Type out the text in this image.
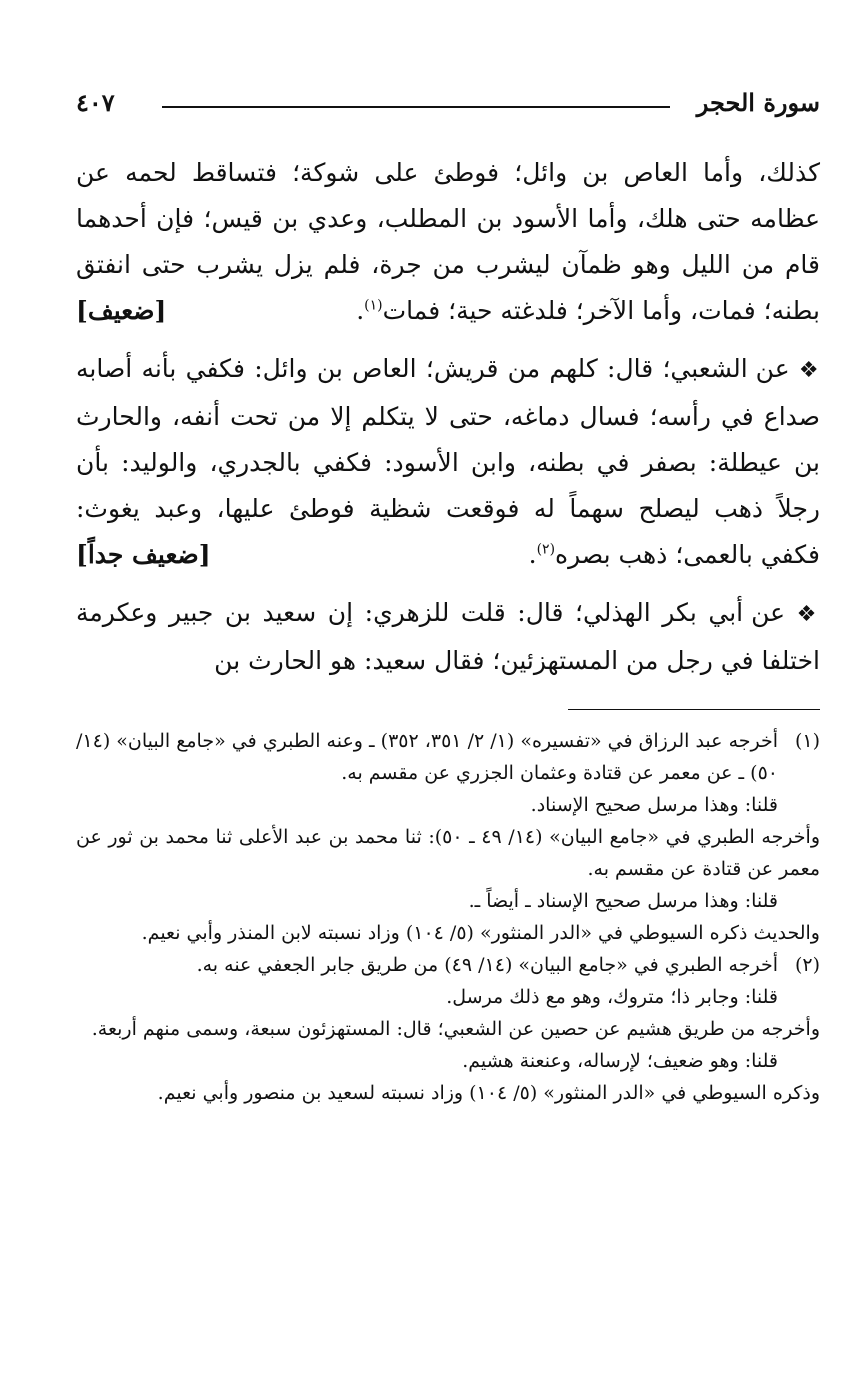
سورة الحجر
٤٠٧

كذلك، وأما العاص بن وائل؛ فوطئ على شوكة؛ فتساقط لحمه عن عظامه حتى هلك، وأما الأسود بن المطلب، وعدي بن قيس؛ فإن أحدهما قام من الليل وهو ظمآن ليشرب من جرة، فلم يزل يشرب حتى انفتق بطنه؛ فمات، وأما الآخر؛ فلدغته حية؛ فمات$^{(١)}$.
[ضعيف]

❖ عن الشعبي؛ قال: كلهم من قريش؛ العاص بن وائل: فكفي بأنه أصابه صداع في رأسه؛ فسال دماغه، حتى لا يتكلم إلا من تحت أنفه، والحارث بن عيطلة: بصفر في بطنه، وابن الأسود: فكفي بالجدري، والوليد: بأن رجلاً ذهب ليصلح سهماً له فوقعت شظية فوطئ عليها، وعبد يغوث: فكفي بالعمى؛ ذهب بصره$^{(٢)}$.
[ضعيف جداً]

❖ عن أبي بكر الهذلي؛ قال: قلت للزهري: إن سعيد بن جبير وعكرمة اختلفا في رجل من المستهزئين؛ فقال سعيد: هو الحارث بن

(١)

أخرجه عبد الرزاق في «تفسيره» (١/ ٢/ ٣٥١، ٣٥٢) ـ وعنه الطبري في «جامع البيان» (١٤/ ٥٠) ـ عن معمر عن قتادة وعثمان الجزري عن مقسم به.

قلنا: وهذا مرسل صحيح الإسناد.

وأخرجه الطبري في «جامع البيان» (١٤/ ٤٩ ـ ٥٠): ثنا محمد بن عبد الأعلى ثنا محمد بن ثور عن معمر عن قتادة عن مقسم به.

قلنا: وهذا مرسل صحيح الإسناد ـ أيضاً ـ.

والحديث ذكره السيوطي في «الدر المنثور» (٥/ ١٠٤) وزاد نسبته لابن المنذر وأبي نعيم.

(٢)

أخرجه الطبري في «جامع البيان» (١٤/ ٤٩) من طريق جابر الجعفي عنه به.

قلنا: وجابر ذا؛ متروك، وهو مع ذلك مرسل.

وأخرجه من طريق هشيم عن حصين عن الشعبي؛ قال: المستهزئون سبعة، وسمى منهم أربعة.

قلنا: وهو ضعيف؛ لإرساله، وعنعنة هشيم.

وذكره السيوطي في «الدر المنثور» (٥/ ١٠٤) وزاد نسبته لسعيد بن منصور وأبي نعيم.
